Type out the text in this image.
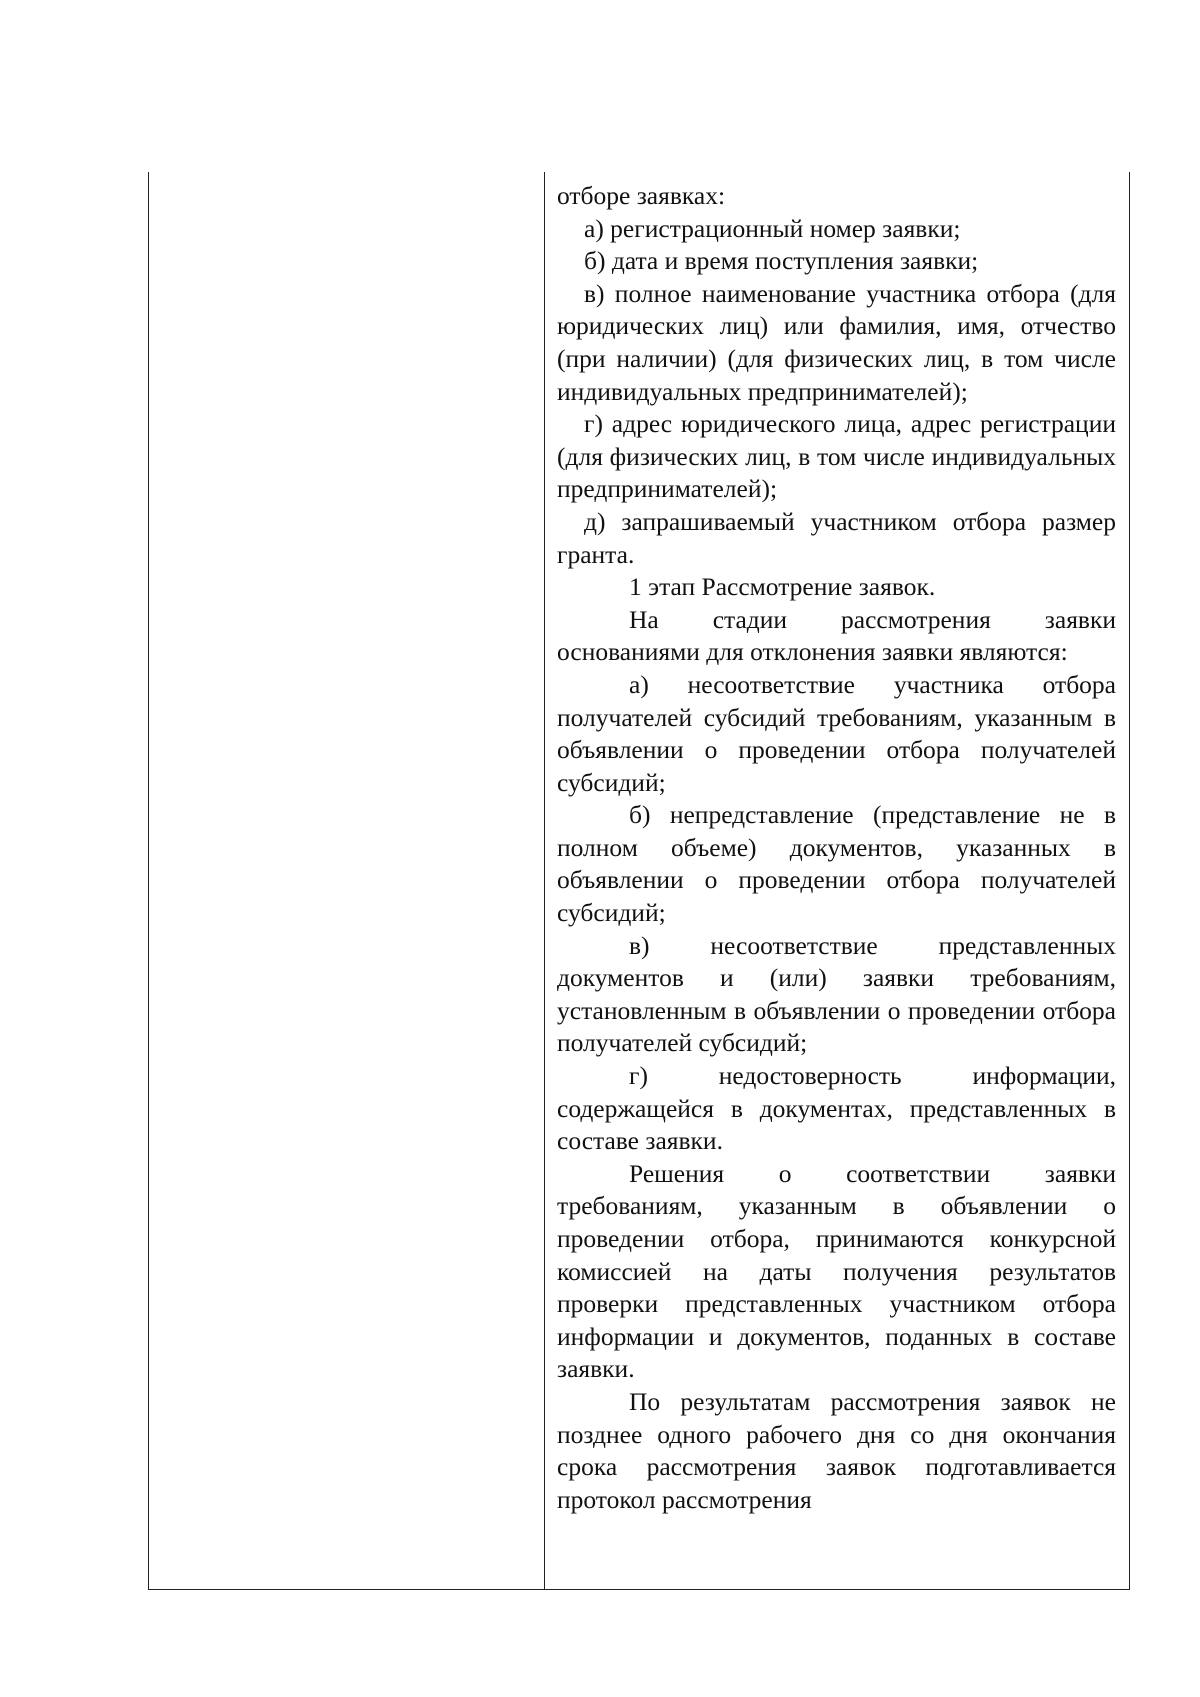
отборе заявках:

а) регистрационный номер заявки;

б) дата и время поступления заявки;

в) полное наименование участника отбора (для юридических лиц) или фамилия, имя, отчество (при наличии) (для физических лиц, в том числе индивидуальных предпринимателей);

г) адрес юридического лица, адрес регистрации (для физических лиц, в том числе индивидуальных предпринимателей);

д) запрашиваемый участником отбора размер гранта.

1 этап Рассмотрение заявок.

На стадии рассмотрения заявки основаниями для отклонения заявки являются:

а) несоответствие участника отбора получателей субсидий требованиям, указанным в объявлении о проведении отбора получателей субсидий;

б) непредставление (представление не в полном объеме) документов, указанных в объявлении о проведении отбора получателей субсидий;

в) несоответствие представленных документов и (или) заявки требованиям, установленным в объявлении о проведении отбора получателей субсидий;

г) недостоверность информации, содержащейся в документах, представленных в составе заявки.

Решения о соответствии заявки требованиям, указанным в объявлении о проведении отбора, принимаются конкурсной комиссией на даты получения результатов проверки представленных участником отбора информации и документов, поданных в составе заявки.

По результатам рассмотрения заявок не позднее одного рабочего дня со дня окончания срока рассмотрения заявок подготавливается протокол рассмотрения
